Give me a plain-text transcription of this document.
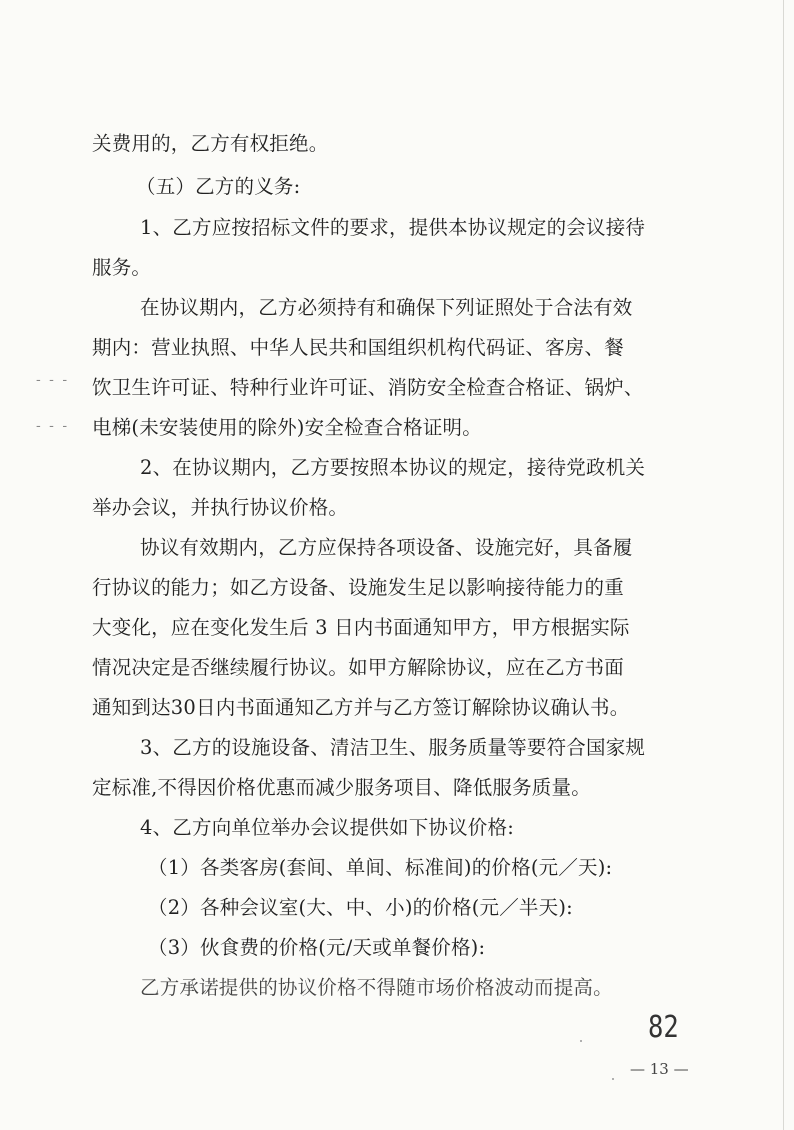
- - -
- - -
关费用的，乙方有权拒绝。
（五）乙方的义务:
1、乙方应按招标文件的要求，提供本协议规定的会议接待
服务。
在协议期内，乙方必须持有和确保下列证照处于合法有效
期内：营业执照、中华人民共和国组织机构代码证、客房、餐
饮卫生许可证、特种行业许可证、消防安全检查合格证、锅炉、
电梯(未安装使用的除外)安全检查合格证明。
2、在协议期内，乙方要按照本协议的规定，接待党政机关
举办会议，并执行协议价格。
协议有效期内，乙方应保持各项设备、设施完好，具备履
行协议的能力；如乙方设备、设施发生足以影响接待能力的重
大变化，应在变化发生后 3 日内书面通知甲方，甲方根据实际
情况决定是否继续履行协议。如甲方解除协议，应在乙方书面
通知到达30日内书面通知乙方并与乙方签订解除协议确认书。
3、乙方的设施设备、清洁卫生、服务质量等要符合国家规
定标准,不得因价格优惠而减少服务项目、降低服务质量。
4、乙方向单位举办会议提供如下协议价格:
（1）各类客房(套间、单间、标准间)的价格(元／天):
（2）各种会议室(大、中、小)的价格(元／半天):
（3）伙食费的价格(元/天或单餐价格):
乙方承诺提供的协议价格不得随市场价格波动而提高。
82
— 13 —
